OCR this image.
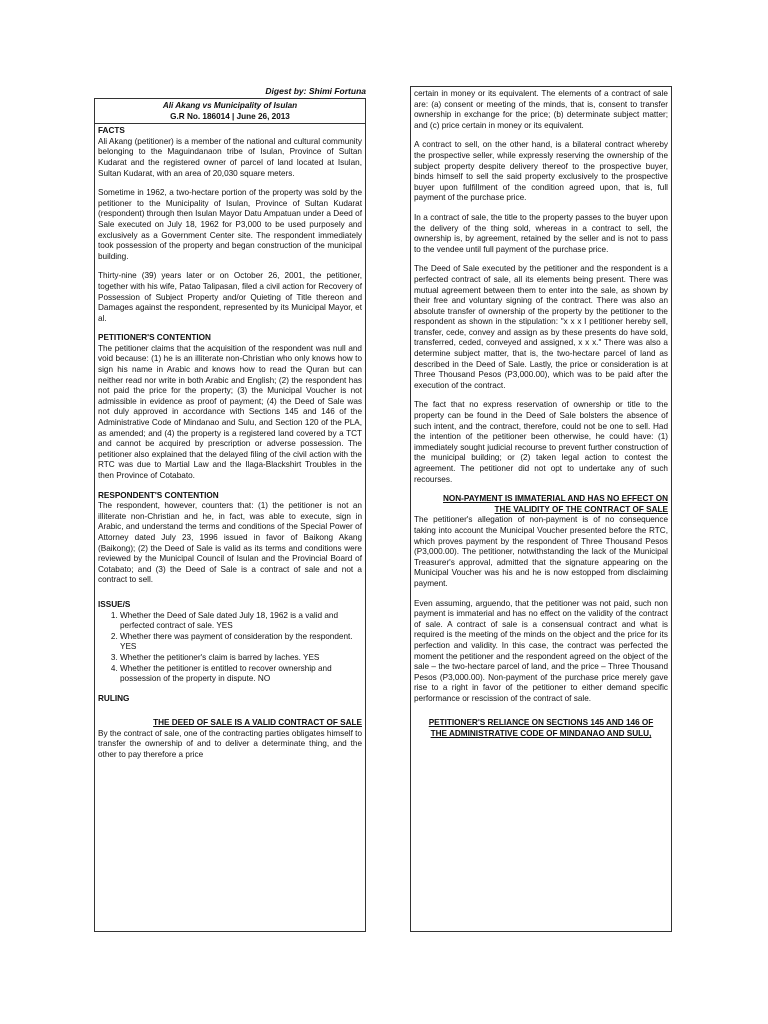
Digest by: Shimi Fortuna
Ali Akang vs Municipality of Isulan
G.R No. 186014 | June 26, 2013
FACTS

Ali Akang (petitioner) is a member of the national and cultural community belonging to the Maguindanaon tribe of Isulan, Province of Sultan Kudarat and the registered owner of parcel of land located at Isulan, Sultan Kudarat, with an area of 20,030 square meters.

Sometime in 1962, a two-hectare portion of the property was sold by the petitioner to the Municipality of Isulan, Province of Sultan Kudarat (respondent) through then Isulan Mayor Datu Ampatuan under a Deed of Sale executed on July 18, 1962 for P3,000 to be used purposely and exclusively as a Government Center site. The respondent immediately took possession of the property and began construction of the municipal building.

Thirty-nine (39) years later or on October 26, 2001, the petitioner, together with his wife, Patao Talipasan, filed a civil action for Recovery of Possession of Subject Property and/or Quieting of Title thereon and Damages against the respondent, represented by its Municipal Mayor, et al.

PETITIONER'S CONTENTION

The petitioner claims that the acquisition of the respondent was null and void because: (1) he is an illiterate non-Christian who only knows how to sign his name in Arabic and knows how to read the Quran but can neither read nor write in both Arabic and English; (2) the respondent has not paid the price for the property; (3) the Municipal Voucher is not admissible in evidence as proof of payment; (4) the Deed of Sale was not duly approved in accordance with Sections 145 and 146 of the Administrative Code of Mindanao and Sulu, and Section 120 of the PLA, as amended; and (4) the property is a registered land covered by a TCT and cannot be acquired by prescription or adverse possession. The petitioner also explained that the delayed filing of the civil action with the RTC was due to Martial Law and the Ilaga-Blackshirt Troubles in the then Province of Cotabato.

RESPONDENT'S CONTENTION

The respondent, however, counters that: (1) the petitioner is not an illiterate non-Christian and he, in fact, was able to execute, sign in Arabic, and understand the terms and conditions of the Special Power of Attorney dated July 23, 1996 issued in favor of Baikong Akang (Baikong); (2) the Deed of Sale is valid as its terms and conditions were reviewed by the Municipal Council of Isulan and the Provincial Board of Cotabato; and (3) the Deed of Sale is a contract of sale and not a contract to sell.

ISSUE/S
1. Whether the Deed of Sale dated July 18, 1962 is a valid and perfected contract of sale. YES
2. Whether there was payment of consideration by the respondent. YES
3. Whether the petitioner's claim is barred by laches. YES
4. Whether the petitioner is entitled to recover ownership and possession of the property in dispute. NO
RULING
THE DEED OF SALE IS A VALID CONTRACT OF SALE

By the contract of sale, one of the contracting parties obligates himself to transfer the ownership of and to deliver a determinate thing, and the other to pay therefore a price

certain in money or its equivalent. The elements of a contract of sale are: (a) consent or meeting of the minds, that is, consent to transfer ownership in exchange for the price; (b) determinate subject matter; and (c) price certain in money or its equivalent.

A contract to sell, on the other hand, is a bilateral contract whereby the prospective seller, while expressly reserving the ownership of the subject property despite delivery thereof to the prospective buyer, binds himself to sell the said property exclusively to the prospective buyer upon fulfillment of the condition agreed upon, that is, full payment of the purchase price.

In a contract of sale, the title to the property passes to the buyer upon the delivery of the thing sold, whereas in a contract to sell, the ownership is, by agreement, retained by the seller and is not to pass to the vendee until full payment of the purchase price.

The Deed of Sale executed by the petitioner and the respondent is a perfected contract of sale, all its elements being present. There was mutual agreement between them to enter into the sale, as shown by their free and voluntary signing of the contract. There was also an absolute transfer of ownership of the property by the petitioner to the respondent as shown in the stipulation: "x x x I petitioner hereby sell, transfer, cede, convey and assign as by these presents do have sold, transferred, ceded, conveyed and assigned, x x x." There was also a determine subject matter, that is, the two-hectare parcel of land as described in the Deed of Sale. Lastly, the price or consideration is at Three Thousand Pesos (P3,000.00), which was to be paid after the execution of the contract.

The fact that no express reservation of ownership or title to the property can be found in the Deed of Sale bolsters the absence of such intent, and the contract, therefore, could not be one to sell. Had the intention of the petitioner been otherwise, he could have: (1) immediately sought judicial recourse to prevent further construction of the municipal building; or (2) taken legal action to contest the agreement. The petitioner did not opt to undertake any of such recourses.

NON-PAYMENT IS IMMATERIAL AND HAS NO EFFECT ON
THE VALIDITY OF THE CONTRACT OF SALE

The petitioner's allegation of non-payment is of no consequence taking into account the Municipal Voucher presented before the RTC, which proves payment by the respondent of Three Thousand Pesos (P3,000.00). The petitioner, notwithstanding the lack of the Municipal Treasurer's approval, admitted that the signature appearing on the Municipal Voucher was his and he is now estopped from disclaiming payment.

Even assuming, arguendo, that the petitioner was not paid, such non payment is immaterial and has no effect on the validity of the contract of sale. A contract of sale is a consensual contract and what is required is the meeting of the minds on the object and the price for its perfection and validity. In this case, the contract was perfected the moment the petitioner and the respondent agreed on the object of the sale – the two-hectare parcel of land, and the price – Three Thousand Pesos (P3,000.00). Non-payment of the purchase price merely gave rise to a right in favor of the petitioner to either demand specific performance or rescission of the contract of sale.

PETITIONER'S RELIANCE ON SECTIONS 145 AND 146 OF
THE ADMINISTRATIVE CODE OF MINDANAO AND SULU,
